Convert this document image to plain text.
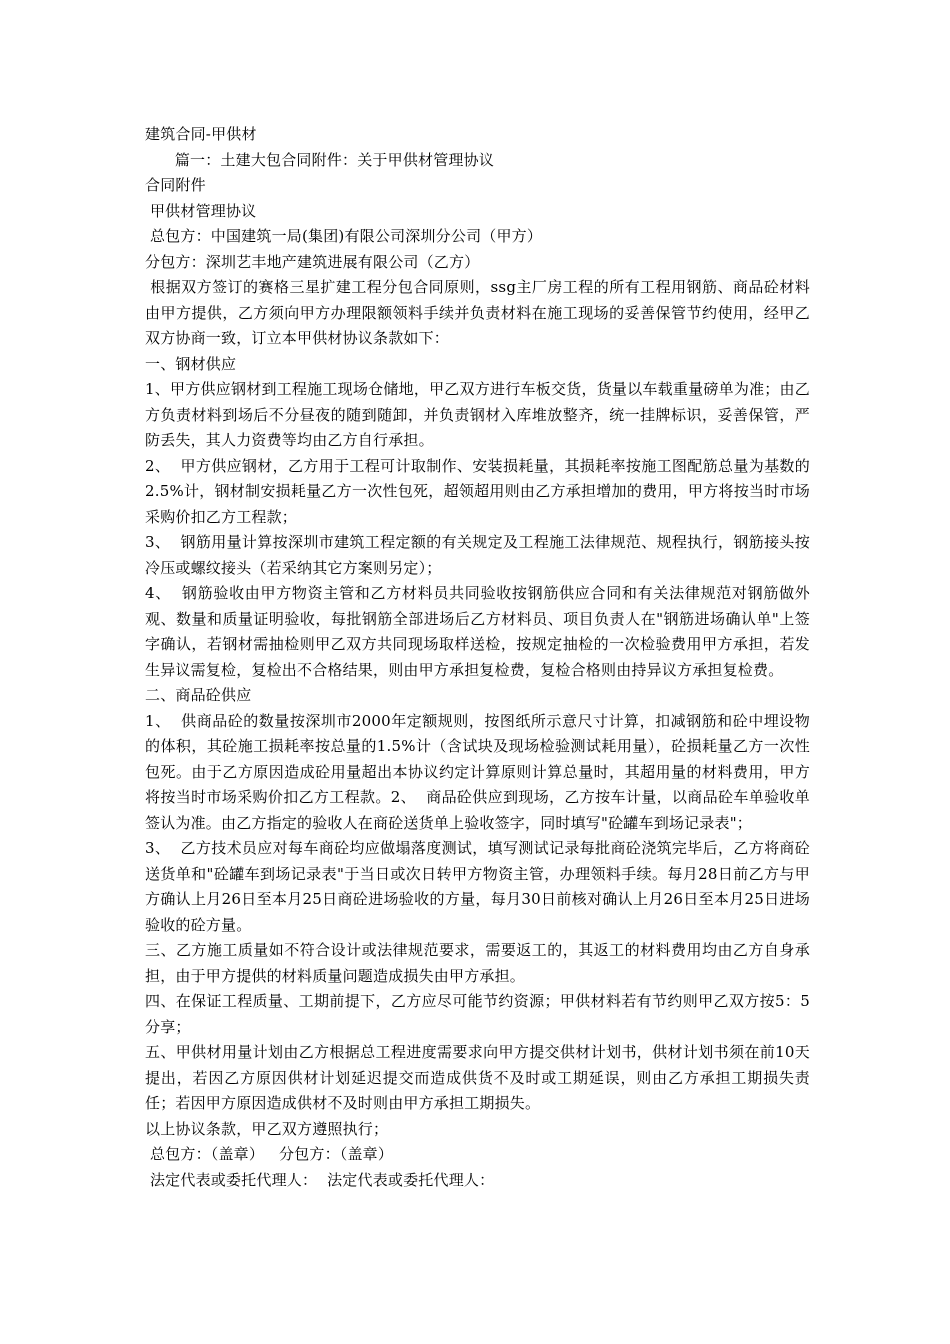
建筑合同-甲供材

篇一：土建大包合同附件：关于甲供材管理协议

合同附件

甲供材管理协议

总包方：中国建筑一局(集团)有限公司深圳分公司（甲方）

分包方：深圳艺丰地产建筑进展有限公司（乙方）

根据双方签订的赛格三星扩建工程分包合同原则，ssg主厂房工程的所有工程用钢筋、商品砼材料由甲方提供，乙方须向甲方办理限额领料手续并负责材料在施工现场的妥善保管节约使用，经甲乙双方协商一致，订立本甲供材协议条款如下：

一、钢材供应

1、甲方供应钢材到工程施工现场仓储地，甲乙双方进行车板交货，货量以车载重量磅单为准；由乙方负责材料到场后不分昼夜的随到随卸，并负责钢材入库堆放整齐，统一挂牌标识，妥善保管，严防丢失，其人力资费等均由乙方自行承担。

2、  甲方供应钢材，乙方用于工程可计取制作、安装损耗量，其损耗率按施工图配筋总量为基数的2.5%计，钢材制安损耗量乙方一次性包死，超领超用则由乙方承担增加的费用，甲方将按当时市场采购价扣乙方工程款；

3、  钢筋用量计算按深圳市建筑工程定额的有关规定及工程施工法律规范、规程执行，钢筋接头按冷压或螺纹接头（若采纳其它方案则另定）；

4、  钢筋验收由甲方物资主管和乙方材料员共同验收按钢筋供应合同和有关法律规范对钢筋做外观、数量和质量证明验收，每批钢筋全部进场后乙方材料员、项目负责人在"钢筋进场确认单"上签字确认，若钢材需抽检则甲乙双方共同现场取样送检，按规定抽检的一次检验费用甲方承担，若发生异议需复检，复检出不合格结果，则由甲方承担复检费，复检合格则由持异议方承担复检费。

二、商品砼供应

1、  供商品砼的数量按深圳市2000年定额规则，按图纸所示意尺寸计算，扣减钢筋和砼中埋设物的体积，其砼施工损耗率按总量的1.5%计（含试块及现场检验测试耗用量），砼损耗量乙方一次性包死。由于乙方原因造成砼用量超出本协议约定计算原则计算总量时，其超用量的材料费用，甲方将按当时市场采购价扣乙方工程款。2、  商品砼供应到现场，乙方按车计量，以商品砼车单验收单签认为准。由乙方指定的验收人在商砼送货单上验收签字，同时填写"砼罐车到场记录表"；

3、  乙方技术员应对每车商砼均应做塌落度测试，填写测试记录每批商砼浇筑完毕后，乙方将商砼送货单和"砼罐车到场记录表"于当日或次日转甲方物资主管，办理领料手续。每月28日前乙方与甲方确认上月26日至本月25日商砼进场验收的方量，每月30日前核对确认上月26日至本月25日进场验收的砼方量。

三、乙方施工质量如不符合设计或法律规范要求，需要返工的，其返工的材料费用均由乙方自身承担，由于甲方提供的材料质量问题造成损失由甲方承担。

四、在保证工程质量、工期前提下，乙方应尽可能节约资源；甲供材料若有节约则甲乙双方按5：5分享；

五、甲供材用量计划由乙方根据总工程进度需要求向甲方提交供材计划书，供材计划书须在前10天提出，若因乙方原因供材计划延迟提交而造成供货不及时或工期延误，则由乙方承担工期损失责任；若因甲方原因造成供材不及时则由甲方承担工期损失。

以上协议条款，甲乙双方遵照执行；

总包方：（盖章）   分包方：（盖章）

法定代表或委托代理人：  法定代表或委托代理人：
